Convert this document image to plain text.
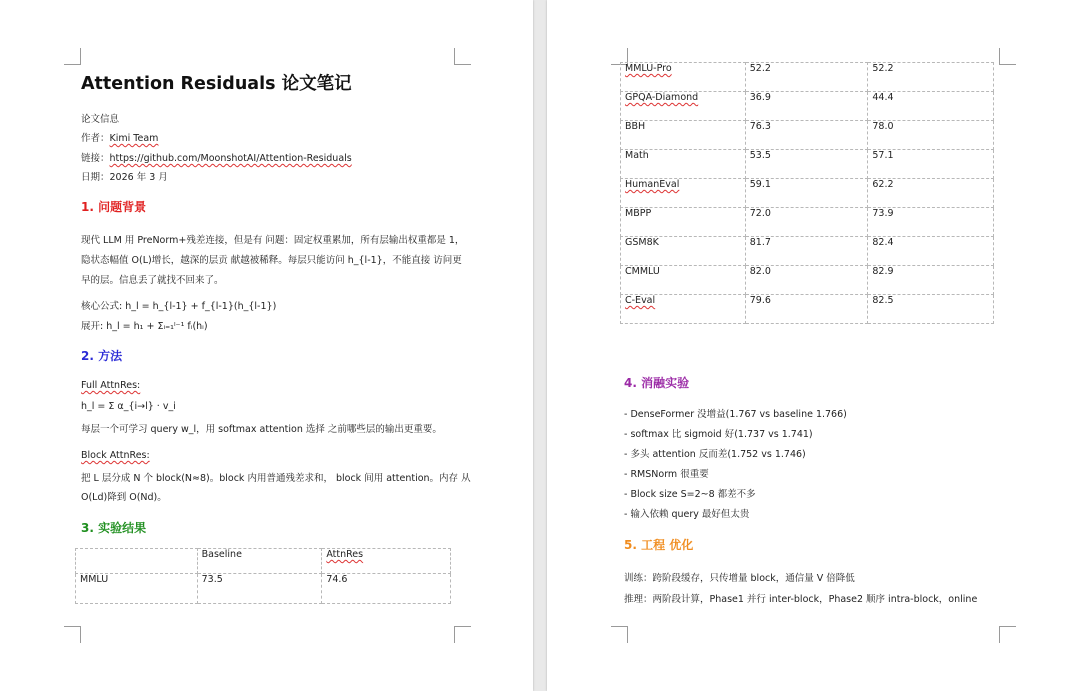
Attention Residuals 论文笔记
论文信息
作者：Kimi Team
链接：https://github.com/MoonshotAI/Attention-Residuals
日期：2026 年 3 月
1. 问题背景
现代 LLM 用 PreNorm+残差连接，但是有 问题：固定权重累加，所有层输出权重都是 1，
隐状态幅值 O(L)增长，越深的层贡 献越被稀释。每层只能访问 h_{l-1}，不能直接 访问更
早的层。信息丢了就找不回来了。
核心公式: h_l = h_{l-1} + f_{l-1}(h_{l-1})
展开: h_l = h₁ + Σᵢ₌₁ˡ⁻¹ fᵢ(hᵢ)
2. 方法
Full AttnRes:
h_l = Σ α_{i→l} · v_i
每层一个可学习 query w_l，用 softmax attention 选择 之前哪些层的输出更重要。
Block AttnRes:
把 L 层分成 N 个 block(N≈8)。block 内用普通残差求和， block 间用 attention。内存 从
O(Ld)降到 O(Nd)。
3. 实验结果
	Baseline	AttnRes
MMLU	73.5	74.6
MMLU-Pro	52.2	52.2
GPQA-Diamond	36.9	44.4
BBH	76.3	78.0
Math	53.5	57.1
HumanEval	59.1	62.2
MBPP	72.0	73.9
GSM8K	81.7	82.4
CMMLU	82.0	82.9
C-Eval	79.6	82.5
4. 消融实验
- DenseFormer 没增益(1.767 vs baseline 1.766)
- softmax 比 sigmoid 好(1.737 vs 1.741)
- 多头 attention 反而差(1.752 vs 1.746)
- RMSNorm 很重要
- Block size S=2~8 都差不多
- 输入依赖 query 最好但太贵
5. 工程 优化
训练：跨阶段缓存，只传增量 block，通信量 V 倍降低
推理：两阶段计算，Phase1 并行 inter-block，Phase2 顺序 intra-block，online
